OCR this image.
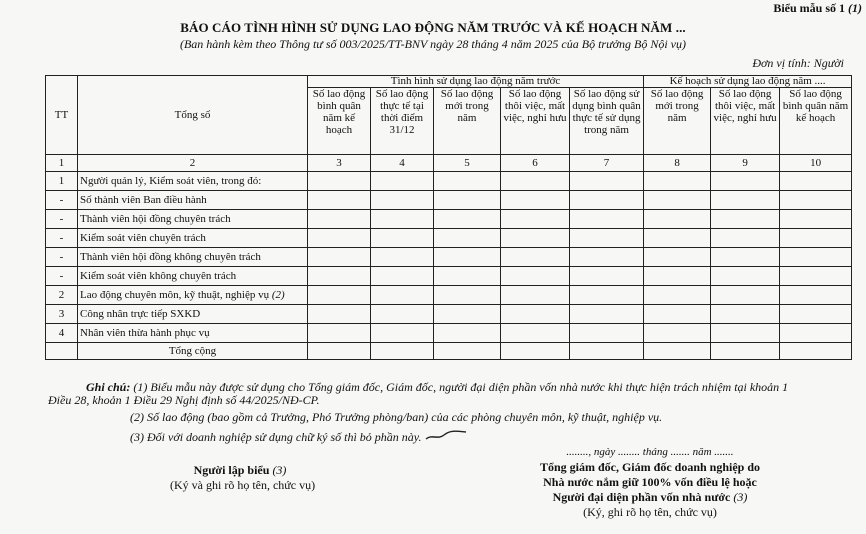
Biểu mẫu số 1 (1)
BÁO CÁO TÌNH HÌNH SỬ DỤNG LAO ĐỘNG NĂM TRƯỚC VÀ KẾ HOẠCH NĂM ...
(Ban hành kèm theo Thông tư số 003/2025/TT-BNV ngày 28 tháng 4 năm 2025 của Bộ trưởng Bộ Nội vụ)
Đơn vị tính: Người
TT	Tổng số	Tình hình sử dụng lao động năm trước					Kế hoạch sử dụng lao động năm ....		
		Số lao động bình quân năm kế hoạch	Số lao động thực tế tại thời điểm 31/12	Số lao động mới trong năm	Số lao động thôi việc, mất việc, nghỉ hưu	Số lao động sử dụng bình quân thực tế sử dụng trong năm	Số lao động mới trong năm	Số lao động thôi việc, mất việc, nghỉ hưu	Số lao động bình quân năm kế hoạch
1	2	3	4	5	6	7	8	9	10
1	Người quản lý, Kiểm soát viên, trong đó:								
-	Số thành viên Ban điều hành								
-	Thành viên hội đồng chuyên trách								
-	Kiểm soát viên chuyên trách								
-	Thành viên hội đồng không chuyên trách								
-	Kiểm soát viên không chuyên trách								
2	Lao động chuyên môn, kỹ thuật, nghiệp vụ (2)								
3	Công nhân trực tiếp SXKD								
4	Nhân viên thừa hành phục vụ								
	Tổng cộng								
Ghi chú: (1) Biểu mẫu này được sử dụng cho Tổng giám đốc, Giám đốc, người đại diện phần vốn nhà nước khi thực hiện trách nhiệm tại khoản 1
Điều 28, khoản 1 Điều 29 Nghị định số 44/2025/NĐ-CP.
(2) Số lao động (bao gồm cả Trưởng, Phó Trưởng phòng/ban) của các phòng chuyên môn, kỹ thuật, nghiệp vụ.
(3) Đối với doanh nghiệp sử dụng chữ ký số thì bỏ phần này.
Người lập biểu (3)
(Ký và ghi rõ họ tên, chức vụ)
........, ngày ........ tháng ....... năm .......
Tổng giám đốc, Giám đốc doanh nghiệp do
Nhà nước nắm giữ 100% vốn điều lệ hoặc
Người đại diện phần vốn nhà nước (3)
(Ký, ghi rõ họ tên, chức vụ)
